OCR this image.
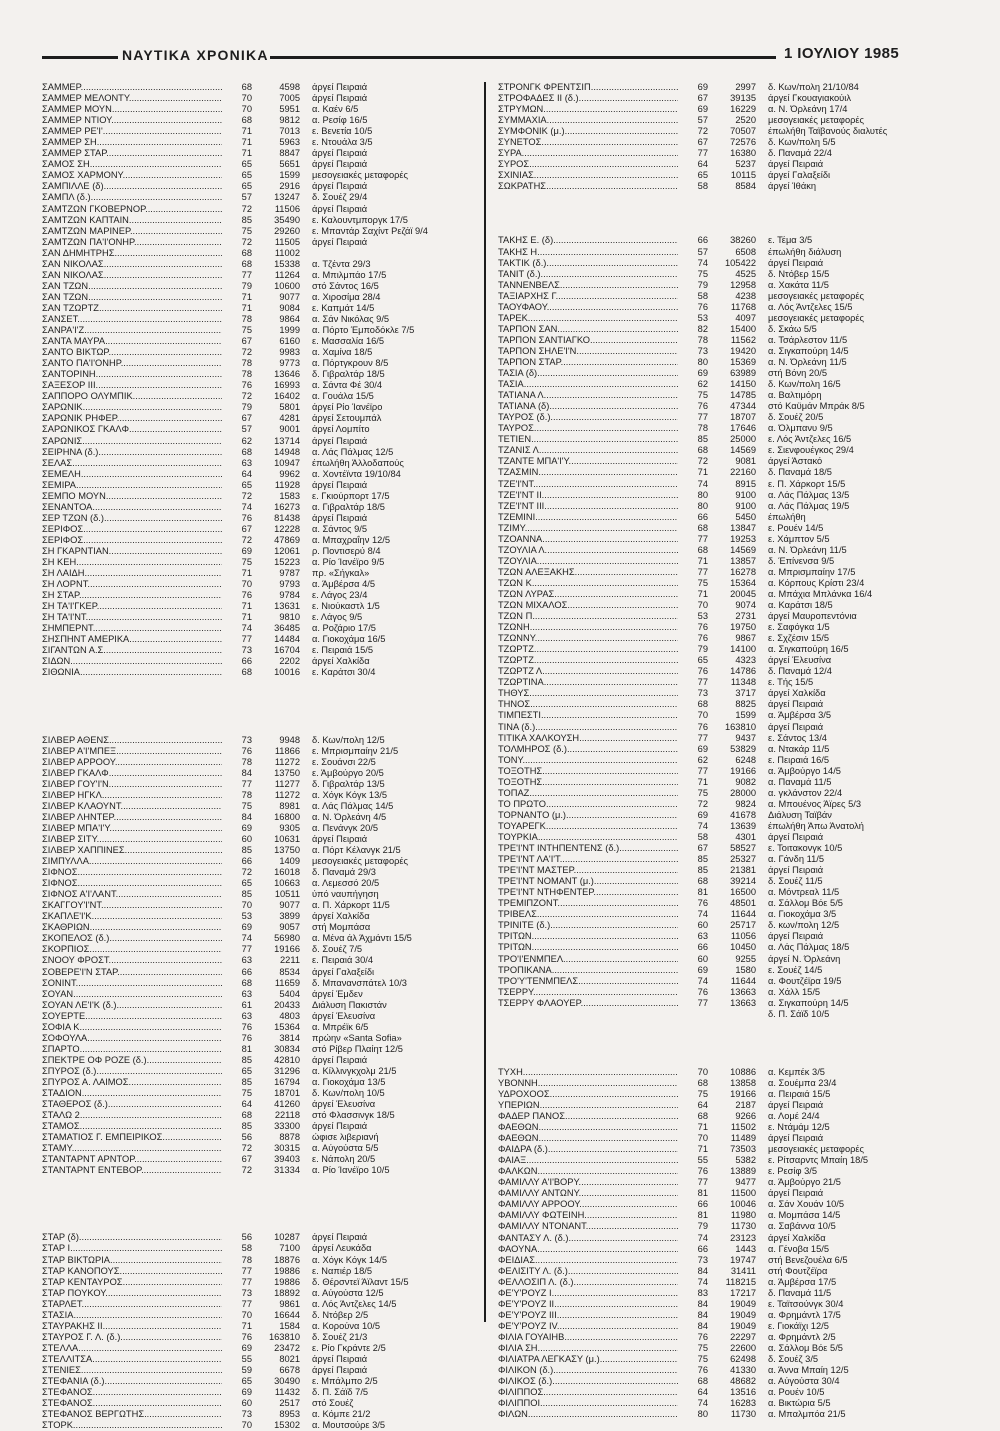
ΝΑΥΤΙΚΑ ΧΡΟΝΙΚΑ	1 ΙΟΥΛΙΟΥ 1985
ΣΑΜΜΕΡ .....	68	4598	άργεί Πειραιά
ΣΑΜΜΕΡ ΜΕΛΟΝΤΥ .....	70	7005	άργεί Πειραιά
ΣΑΜΜΕΡ ΜΟΥΝ .....	70	5951	α. Καέν 6/5
ΣΑΜΜΕΡ ΝΤΙΟΥ .....	68	9812	α. Ρεσίφ 16/5
ΣΑΜΜΕΡ ΡΕ'Ι' .....	71	7013	ε. Βενετία 10/5
ΣΑΜΜΕΡ ΣΗ .....	71	5963	ε. Ντουάλα 3/5
ΣΑΜΜΕΡ ΣΤΑΡ .....	71	8847	άργεί Πειραιά
ΣΑΜΟΣ ΣΗ .....	65	5651	άργεί Πειραιά
ΣΑΜΟΣ ΧΑΡΜΟΝΥ .....	65	1599	μεσογειακές μεταφορές
ΣΑΜΠΙΛΛΕ (δ) .....	65	2916	άργεί Πειραιά
ΣΑΜΠΛ (δ.) .....	57	13247	δ. Σουέζ 29/4
ΣΑΜΤΖΩΝ ΓΚΟΒΕΡΝΟΡ .....	72	11506	άργεί Πειραιά
ΣΑΜΤΖΩΝ ΚΑΠΤΑΙΝ .....	85	35490	ε. Καλουντμποργκ 17/5
ΣΑΜΤΖΩΝ ΜΑΡΙΝΕΡ .....	75	29260	ε. Μπαντάρ Σαχίντ Ρεζάϊ 9/4
ΣΑΜΤΖΩΝ ΠΑ'Ι'ΟΝΗΡ .....	72	11505	άργεί Πειραιά
ΣΑΝ ΔΗΜΗΤΡΗΣ .....	68	11002
ΣΑΝ ΝΙΚΟΛΑΣ .....	68	15338	α. Τζέντα 29/3
ΣΑΝ ΝΙΚΟΛΑΣ .....	77	11264	α. Μπιλμπάο 17/5
ΣΑΝ ΤΖΩΝ .....	79	10600	στό Σάντος 16/5
ΣΑΝ ΤΖΩΝ .....	71	9077	α. Χιροσίμα 28/4
ΣΑΝ ΤΖΩΡΤΖ .....	71	9084	ε. Καπμάτ 14/5
ΣΑΝΣΕΤ .....	78	9864	α. Σάν Νικόλας 9/5
ΣΑΝΡΑ'Ι'Ζ .....	75	1999	α. Πόρτο Έμποδόκλε 7/5
ΣΑΝΤΑ ΜΑΥΡΑ .....	67	6160	ε. Μασσαλία 16/5
ΣΑΝΤΟ ΒΙΚΤΩΡ .....	72	9983	α. Χαμίνα 18/5
ΣΑΝΤΟ ΠΑ'Ι'ΟΝΗΡ .....	78	9773	α. Πόρτγκρουν 8/5
ΣΑΝΤΟΡΙΝΗ .....	78	13646	δ. Γιβραλτάρ 18/5
ΣΑΞΕΣΟΡ ΙΙΙ .....	76	16993	α. Σάντα Φέ 30/4
ΣΑΠΠΟΡΟ ΟΛΥΜΠΙΚ .....	72	16402	α. Γουάλα 15/5
ΣΑΡΩΝΙΚ .....	79	5801	άργεί Ρίο Ίανέϊρο
ΣΑΡΩΝΙΚ ΡΗΦΕΡ .....	67	4281	άργεί Σετουμπάλ
ΣΑΡΩΝΙΚΟΣ ΓΚΑΛΦ .....	57	9001	άργεί Λομπίτο
ΣΑΡΩΝΙΣ .....	62	13714	άργεί Πειραιά
ΣΕΙΡΗΝΑ (δ.) .....	68	14948	α. Λάς Πάλμας 12/5
ΣΕΛΑΣ .....	63	10947	έπωλήθη Άλλοδαπούς
ΣΕΜΕΛΗ .....	64	9962	α. Χοντέϊντα 19/10/84
ΣΕΜΙΡΑ .....	65	11928	άργεί Πειραιά
ΣΕΜΠΟ ΜΟΥΝ .....	72	1583	ε. Γκιούρπορτ 17/5
ΣΕΝΑΝΤΟΑ .....	74	16273	α. Γιβραλτάρ 18/5
ΣΕΡ ΤΖΩΝ (δ.) .....	76	81438	άργεί Πειραιά
ΣΕΡΙΦΟΣ .....	67	12228	α. Σάντος 9/5
ΣΕΡΙΦΟΣ .....	72	47869	α. Μπαχραΐην 12/5
ΣΗ ΓΚΑΡΝΤΙΑΝ .....	69	12061	ρ. Ποντισερύ 8/4
ΣΗ ΚΕΗ .....	75	15223	α. Ρίο Ίανέϊρο 9/5
ΣΗ ΛΑΙΔΗ .....	71	9787	πρ. «Σήγκαλ»
ΣΗ ΛΟΡΝΤ .....	70	9793	α. Άμβέρσα 4/5
ΣΗ ΣΤΑΡ .....	76	9784	ε. Λάγος 23/4
ΣΗ ΤΑ'Ι'ΓΚΕΡ .....	71	13631	ε. Νιούκαστλ 1/5
ΣΗ ΤΑ'Ι'ΝΤ .....	71	9810	ε. Λάγος 9/5
ΣΗΜΠΕΡΝΤ .....	74	36485	α. Ροζάριο 17/5
ΣΗΣΠΗΝΤ ΑΜΕΡΙΚΑ .....	77	14484	α. Γιοκοχάμα 16/5
ΣΙΓΑΝΤΩΝ Α.Σ. .....	73	16704	ε. Πειραιά 15/5
ΣΙΔΩΝ .....	66	2202	άργεί Χαλκίδα
ΣΙΘΩΝΙΑ .....	68	10016	ε. Καράτσι 30/4
ΣΙΛΒΕΡ ΑΘΕΝΣ .....	73	9948	δ. Κων/πολη 12/5
ΣΙΛΒΕΡ Α'Ι'ΜΠΕΞ .....	76	11866	ε. Μπρισμπαίην 21/5
ΣΙΛΒΕΡ ΑΡΡΟΟΥ .....	78	11272	ε. Σουάνσι 22/5
ΣΙΛΒΕΡ ΓΚΑΛΦ .....	84	13750	ε. Άμβούργο 20/5
ΣΙΛΒΕΡ ΓΟΥ'Ι'Ν .....	77	11277	δ. Γιβραλτάρ 13/5
ΣΙΛΒΕΡ ΗΓΚΛ .....	78	11272	α. Χόγκ Κόγκ 13/5
ΣΙΛΒΕΡ ΚΛΑΟΥΝΤ .....	75	8981	α. Λάς Πάλμας 14/5
ΣΙΛΒΕΡ ΛΗΝΤΕΡ .....	84	16800	α. Ν. Όρλεάνη 4/5
ΣΙΛΒΕΡ ΜΠΑ'Ι'Υ .....	69	9305	α. Πενάνγκ 20/5
ΣΙΛΒΕΡ ΣΙΤΥ .....	60	10631	άργεί Πειραιά
ΣΙΛΒΕΡ ΧΑΠΠΙΝΕΣ .....	85	13750	α. Πόρτ Κέλανγκ 21/5
ΣΙΜΠΥΛΛΑ .....	66	1409	μεσογειακές μεταφορές
ΣΙΦΝΟΣ .....	72	16018	δ. Παναμά 29/3
ΣΙΦΝΟΣ .....	65	10663	α. Λεμεσσό 20/5
ΣΙΦΝΟΣ Α'Ι'ΛΑΝΤ .....	85	10511	ύπό ναυπήγηση
ΣΚΑΓΓΟΥ'Ι'ΝΤ .....	70	9077	α. Π. Χάρκορτ 11/5
ΣΚΑΠΛΕ'Ι'Κ .....	53	3899	άργεί Χαλκίδα
ΣΚΑΘΡΙΩΝ .....	69	9057	στή Μομπάσα
ΣΚΟΠΕΛΟΣ (δ.) .....	74	56980	α. Μένα άλ Άχμάντι 15/5
ΣΚΟΡΠΙΟΣ .....	77	19166	δ. Σουέζ 7/5
ΣΝΟΟΥ ΦΡΟΣΤ .....	63	2211	ε. Πειραιά 30/4
ΣΟΒΕΡΕ'Ι'Ν ΣΤΑΡ .....	66	8534	άργεί Γαλαξείδι
ΣΟΝΙΝΤ .....	68	11659	δ. Μπανανσπάτελ 10/3
ΣΟΥΑΝ .....	63	5404	άργεί Έμδεν
ΣΟΥΑΝ ΛΕ'Ι'Κ (δ.) .....	61	20433	Διάλυση Πακιστάν
ΣΟΥΕΡΤΕ .....	63	4803	άργεί Έλευσίνα
ΣΟΦΙΑ Κ. .....	76	15364	α. Μπρέϊκ 6/5
ΣΟΦΟΥΛΑ .....	76	3814	πρώην «Santa Sofia»
ΣΠΑΡΤΟ .....	81	30834	στό Ρίβερ Πλαίητ 12/5
ΣΠΕΚΤΡΕ ΟΦ ΡΟΖΕ (δ.) .....	85	42810	άργεί Πειραιά
ΣΠΥΡΟΣ (δ.) .....	65	31296	α. Κίλλινγκχολμ 21/5
ΣΠΥΡΟΣ Α. ΛΑΙΜΟΣ .....	85	16794	α. Γιοκοχάμα 13/5
ΣΤΑΔΙΟΝ .....	75	18701	δ. Κων/πολη 10/5
ΣΤΑΘΕΡΟΣ (δ.) .....	64	41260	άργεί Έλευσίνα
ΣΤΑΛΩ 2 .....	68	22118	στό Φλασσινγκ 18/5
ΣΤΑΜΟΣ .....	85	33300	άργεί Πειραιά
ΣΤΑΜΑΤΙΟΣ Γ. ΕΜΠΕΙΡΙΚΟΣ .....	56	8878	ώφισε λιβεριανή
ΣΤΑΜΥ .....	72	30315	α. Αύγούστα 5/5
ΣΤΑΝΤΑΡΝΤ ΑΡΝΤΟΡ .....	67	39403	ε. Νάπολη 20/5
ΣΤΑΝΤΑΡΝΤ ΕΝΤΕΒΟΡ .....	72	31334	α. Ρίο Ίανέϊρο 10/5
ΣΤΑΡ (δ) .....	56	10287	άργεί Πειραιά
ΣΤΑΡ Ι .....	58	7100	άργεί Λευκάδα
ΣΤΑΡ ΒΙΚΤΩΡΙΑ .....	78	18876	α. Χόγκ Κόγκ 14/5
ΣΤΑΡ ΚΑΝΟΠΟΥΣ .....	77	19886	ε. Ναπιέρ 18/5
ΣΤΑΡ ΚΕΝΤΑΥΡΟΣ .....	77	19886	δ. Θέρσντεϊ Άϊλαντ 15/5
ΣΤΑΡ ΠΟΥΚΟΥ .....	73	18892	α. Αύγούστα 12/5
ΣΤΑΡΛΕΤ .....	77	9861	α. Λός Άντζελες 14/5
ΣΤΑΣΙΑ .....	70	16644	δ. Ντόβερ 2/5
ΣΤΑΥΡΑΚΗΣ ΙΙ .....	71	1584	α. Κορούνα 10/5
ΣΤΑΥΡΟΣ Γ. Λ. (δ.) .....	76	163810	δ. Σουέζ 21/3
ΣΤΕΛΛΑ .....	69	23472	ε. Ρίο Γκράντε 2/5
ΣΤΕΛΛΙΤΣΑ .....	55	8021	άργεί Πειραιά
ΣΤΕΝΙΕΣ .....	59	6678	άργεί Πειραιά
ΣΤΕΦΑΝΙΑ (δ.) .....	65	30490	ε. Μπάλμπο 2/5
ΣΤΕΦΑΝΟΣ .....	69	11432	δ. Π. Σάϊδ 7/5
ΣΤΕΦΑΝΟΣ .....	60	2517	στό Σουέζ
ΣΤΕΦΑΝΟΣ ΒΕΡΓΩΤΗΣ .....	73	8953	α. Κόμπε 21/2
ΣΤΟΡΚ .....	70	15302	α. Μουτσούρε 3/5
ΣΤΡΟΝΓΚ ΦΡΕΝΤΣΙΠ .....	69	2997	δ. Κων/πολη 21/10/84
ΣΤΡΟΦΑΔΕΣ ΙΙ (δ.) .....	67	39135	άργεί Γκουαγιακούιλ
ΣΤΡΥΜΩΝ .....	69	16229	α. Ν. Όρλεάνη 17/4
ΣΥΜΜΑΧΙΑ .....	57	2520	μεσογειακές μεταφορές
ΣΥΜΦΟΝΙΚ (μ.) .....	72	70507	έπωλήθη Ταϊβανούς διαλυτές
ΣΥΝΕΤΟΣ .....	67	72576	δ. Κων/πολη 5/5
ΣΥΡΑ .....	77	16380	δ. Παναμά 22/4
ΣΥΡΟΣ .....	64	5237	άργεί Πειραιά
ΣΧΙΝΙΑΣ .....	65	10115	άργεί Γαλαξείδι
ΣΩΚΡΑΤΗΣ .....	58	8584	άργεί Ίθάκη
ΤΑΚΗΣ Ε. (δ) .....	66	38260	ε. Τέμα 3/5
ΤΑΚΗΣ Η .....	57	6508	έπωλήθη διάλυση
ΤΑΚΤΙΚ (δ.) .....	74	105422	άργεί Πειραιά
ΤΑΝΙΤ (δ.) .....	75	4525	δ. Ντόβερ 15/5
ΤΑΝΝΕΝΒΕΛΣ .....	79	12958	α. Χακάτα 11/5
ΤΑΞΙΑΡΧΗΣ Γ .....	58	4238	μεσογειακές μεταφορές
ΤΑΟΥΦΑΟΥ .....	76	11768	α. Λός Άντζελες 15/5
ΤΑΡΕΚ .....	53	4097	μεσογειακές μεταφορές
ΤΑΡΠΟΝ ΣΑΝ .....	82	15400	δ. Σκάω 5/5
ΤΑΡΠΟΝ ΣΑΝΤΙΑΓΚΟ .....	78	11562	α. Τσάρλεστον 11/5
ΤΑΡΠΟΝ ΣΗΛΕ'Ι'Ν .....	73	19420	α. Σιγκαπούρη 14/5
ΤΑΡΠΟΝ ΣΤΑΡ .....	80	15369	α. Ν. Όρλεάνη 11/5
ΤΑΣΙΑ (δ) .....	69	63989	στή Βόνη 20/5
ΤΑΣΙΑ .....	62	14150	δ. Κων/πολη 16/5
ΤΑΤΙΑΝΑ Λ. .....	75	14785	α. Βαλτιμόρη
ΤΑΤΙΑΝΑ (δ) .....	76	47344	στό Καϋμάν Μπράκ 8/5
ΤΑΥΡΟΣ (δ.) .....	77	18707	δ. Σουέζ 20/5
ΤΑΥΡΟΣ .....	78	17646	α. Όλμπανυ 9/5
ΤΕΤΙΕΝ .....	85	25000	ε. Λός Άντζελες 16/5
ΤΖΑΝΙΣ Λ. .....	68	14569	ε. Σιενφουέγκος 29/4
ΤΖΑΝΤΕ ΜΠΑ'Ι'Υ .....	72	9081	άργεί Άστακό
ΤΖΑΣΜΙΝ .....	71	22160	δ. Παναμά 18/5
ΤΖΕ'Ι'ΝΤ .....	74	8915	ε. Π. Χάρκορτ 15/5
ΤΖΕ'Ι'ΝΤ ΙΙ .....	80	9100	α. Λάς Πάλμας 13/5
ΤΖΕ'Ι'ΝΤ ΙΙΙ .....	80	9100	α. Λάς Πάλμας 19/5
ΤΖΕΜΙΝΙ .....	66	5450	έπωλήθη
ΤΖΙΜΥ .....	68	13847	ε. Ρουέν 14/5
ΤΖΟΑΝΝΑ .....	77	19253	ε. Χάμπτον 5/5
ΤΖΟΥΛΙΑ Λ. .....	68	14569	α. Ν. Όρλεάνη 11/5
ΤΖΟΥΛΙΑ .....	71	13857	δ. Έπίνενσα 9/5
ΤΖΩΝ ΑΛΕΞΑΚΗΣ .....	77	16278	α. Μπρισμπαίην 17/5
ΤΖΩΝ Κ .....	75	15364	α. Κόρπους Κρίστι 23/4
ΤΖΩΝ ΛΥΡΑΣ .....	71	20045	α. Μπάχια Μπλάνκα 16/4
ΤΖΩΝ ΜΙΧΑΛΟΣ .....	70	9074	α. Καράτσι 18/5
ΤΖΩΝ Π .....	53	2731	άργεί Μαυροπεντόνια
ΤΖΩΝΗ .....	76	19750	ε. Σαφόγκα 1/5
ΤΖΩΝΝΥ .....	76	9867	ε. Σχζέσιν 15/5
ΤΖΩΡΤΖ .....	79	14100	α. Σιγκαπούρη 16/5
ΤΖΩΡΤΖ .....	65	4323	άργεί Έλευσίνα
ΤΖΩΡΤΖ Λ. .....	76	14786	δ. Παναμά 12/4
ΤΖΩΡΤΙΝΑ .....	77	11348	ε. Τής 15/5
ΤΗΘΥΣ .....	73	3717	άργεί Χαλκίδα
ΤΗΝΟΣ .....	68	8825	άργεί Πειραιά
ΤΙΜΠΕΣΤΙ .....	70	1599	α. Άμβέρσα 3/5
ΤΙΝΑ (δ.) .....	76	163810	άργεί Πειραιά
ΤΙΤΙΚΑ ΧΑΛΚΟΥΣΗ .....	77	9437	ε. Σάντος 13/4
ΤΟΛΜΗΡΟΣ (δ.) .....	69	53829	α. Ντακάρ 11/5
ΤΟΝΥ .....	62	6248	ε. Πειραιά 16/5
ΤΟΞΟΤΗΣ .....	77	19166	α. Άμβούργο 14/5
ΤΟΞΟΤΗΣ .....	71	9082	α. Παναμά 11/5
ΤΟΠΑΖ .....	75	28000	α. γκλάνστον 22/4
ΤΟ ΠΡΩΤΟ .....	72	9824	α. Μπουένος Άϊρες 5/3
ΤΟΡΝΑΝΤΟ (μ.) .....	69	41678	Διάλυση Ταϊβάν
ΤΟΥΑΡΕΓΚ .....	74	13639	έπωλήθη Άπω Άνατολή
ΤΟΥΡΚΙΑ .....	58	4301	άργεί Πειραιά
ΤΡΕ'Ι'ΝΤ ΙΝΤΗΠΕΝΤΕΝΣ (δ.) .....	67	58527	ε. Τοιτακονγκ 10/5
ΤΡΕ'Ι'ΝΤ ΛΑ'Ι'Τ .....	85	25327	α. Γάνδη 11/5
ΤΡΕ'Ι'ΝΤ ΜΑΣΤΕΡ .....	85	21381	άργεί Πειραιά
ΤΡΕ'Ι'ΝΤ ΝΟΜΑΝΤ (μ.) .....	68	39214	δ. Σουέζ 11/5
ΤΡΕ'Ι'ΝΤ ΝΤΗΦΕΝΤΕΡ .....	81	16500	α. Μόντρεαλ 11/5
ΤΡΕΜΙΠΖΟΝΤ .....	76	48501	α. Σάλλομ Βόε 5/5
ΤΡΙΒΕΛΣ .....	74	11644	α. Γιοκοχάμα 3/5
ΤΡΙΝΙΤΕ (δ.) .....	60	25717	δ. κων/πολη 12/5
ΤΡΙΤΩΝ .....	63	11056	άργεί Πειραιά
ΤΡΙΤΩΝ .....	66	10450	α. Λάς Πάλμας 18/5
ΤΡΟ'Ι'ΕΝΜΠΕΛ .....	60	9255	άργεί Ν. Όρλεάνη
ΤΡΟΠΙΚΑΝΑ .....	69	1580	ε. Σουέζ 14/5
ΤΡΟ'Υ'ΤΕΝΜΠΕΛΣ .....	74	11644	α. Φουτζέϊρα 19/5
ΤΣΕΡΡΥ .....	76	13663	α. Χάλλ 15/5
ΤΣΕΡΡΥ ΦΛΑΟΥΕΡ .....	77	13663	α. Σιγκαπούρη 14/5
δ. Π. Σάϊδ 10/5
ΤΥΧΗ .....	70	10886	α. Κεμπέκ 3/5
ΥΒΟΝΝΗ .....	68	13858	α. Σουέμπα 23/4
ΥΔΡΟΧΟΟΣ .....	75	19166	α. Πειραιά 15/5
ΥΠΕΡΙΩΝ .....	64	2187	άργεί Πειραιά
ΦΑΔΕΡ ΠΑΝΟΣ .....	68	9266	α. Λομέ 24/4
ΦΑΕΘΩΝ .....	71	11502	ε. Ντάμάμ 12/5
ΦΑΕΘΩΝ .....	70	11489	άργεί Πειραιά
ΦΑΙΔΡΑ (δ.) .....	71	73503	μεσογειακές μεταφορές
ΦΑΙΑΞ .....	55	5382	ε. Ρίτσαρντς Μπαίη 18/5
ΦΑΛΚΩΝ .....	76	13889	ε. Ρεσίφ 3/5
ΦΑΜΙΛΛΥ Α'Ι'ΒΟΡΥ .....	77	9477	α. Άμβούργο 21/5
ΦΑΜΙΛΛΥ ΑΝΤΩΝΥ .....	81	11500	άργεί Πειραιά
ΦΑΜΙΛΛΥ ΑΡΡΟΟΥ .....	66	10046	α. Σάν Χουάν 10/5
ΦΑΜΙΛΛΥ ΦΩΤΕΙΝΗ .....	81	11980	α. Μομπάσα 14/5
ΦΑΜΙΛΛΥ ΝΤΟΝΑΝΤ .....	79	11730	α. Σαβάννα 10/5
ΦΑΝΤΑΣΥ Λ. (δ.) .....	74	23123	άργεί Χαλκίδα
ΦΑΟΥΝΑ .....	66	1443	α. Γένοβα 15/5
ΦΕΙΔΙΑΣ .....	73	19747	στή Βενεζουέλα 6/5
ΦΕΛΙΣΙΤΥ Λ. (δ.) .....	84	31411	στή Φουτζέϊρα
ΦΕΛΛΟΣΙΠ Λ. (δ.) .....	74	118215	α. Άμβέρσα 17/5
ΦΕ'Υ'ΡΟΥΖ Ι .....	83	17217	δ. Παναμά 11/5
ΦΕ'Υ'ΡΟΥΖ ΙΙ .....	84	19049	ε. Ταϊτσούνγκ 30/4
ΦΕ'Υ'ΡΟΥΖ ΙΙΙ .....	84	19049	α. Φρημάντλ 17/5
ΦΕ'Υ'ΡΟΥΖ ΙV .....	84	19049	ε. Γιοκάϊχι 12/5
ΦΙΛΙΑ ΓΟΥΑΙΗΒ .....	76	22297	α. Φρημάντλ 2/5
ΦΙΛΙΑ ΣΗ .....	75	22600	α. Σάλλομ Βόε 5/5
ΦΙΛΙΑΤΡΑ ΛΕΓΚΑΣΥ (μ.) .....	75	62498	δ. Σουέζ 3/5
ΦΙΛΙΚΟΝ (δ.) .....	76	41330	α. Άννα Μπαίη 12/5
ΦΙΛΙΚΟΣ (δ.) .....	68	48682	α. Αύγούστα 30/4
ΦΙΛΙΠΠΟΣ .....	64	13516	α. Ρουέν 10/5
ΦΙΛΙΠΠΟΙ .....	74	16283	α. Βικτώρια 5/5
ΦΙΛΩΝ .....	80	11730	α. Μπαλμπόα 21/5
